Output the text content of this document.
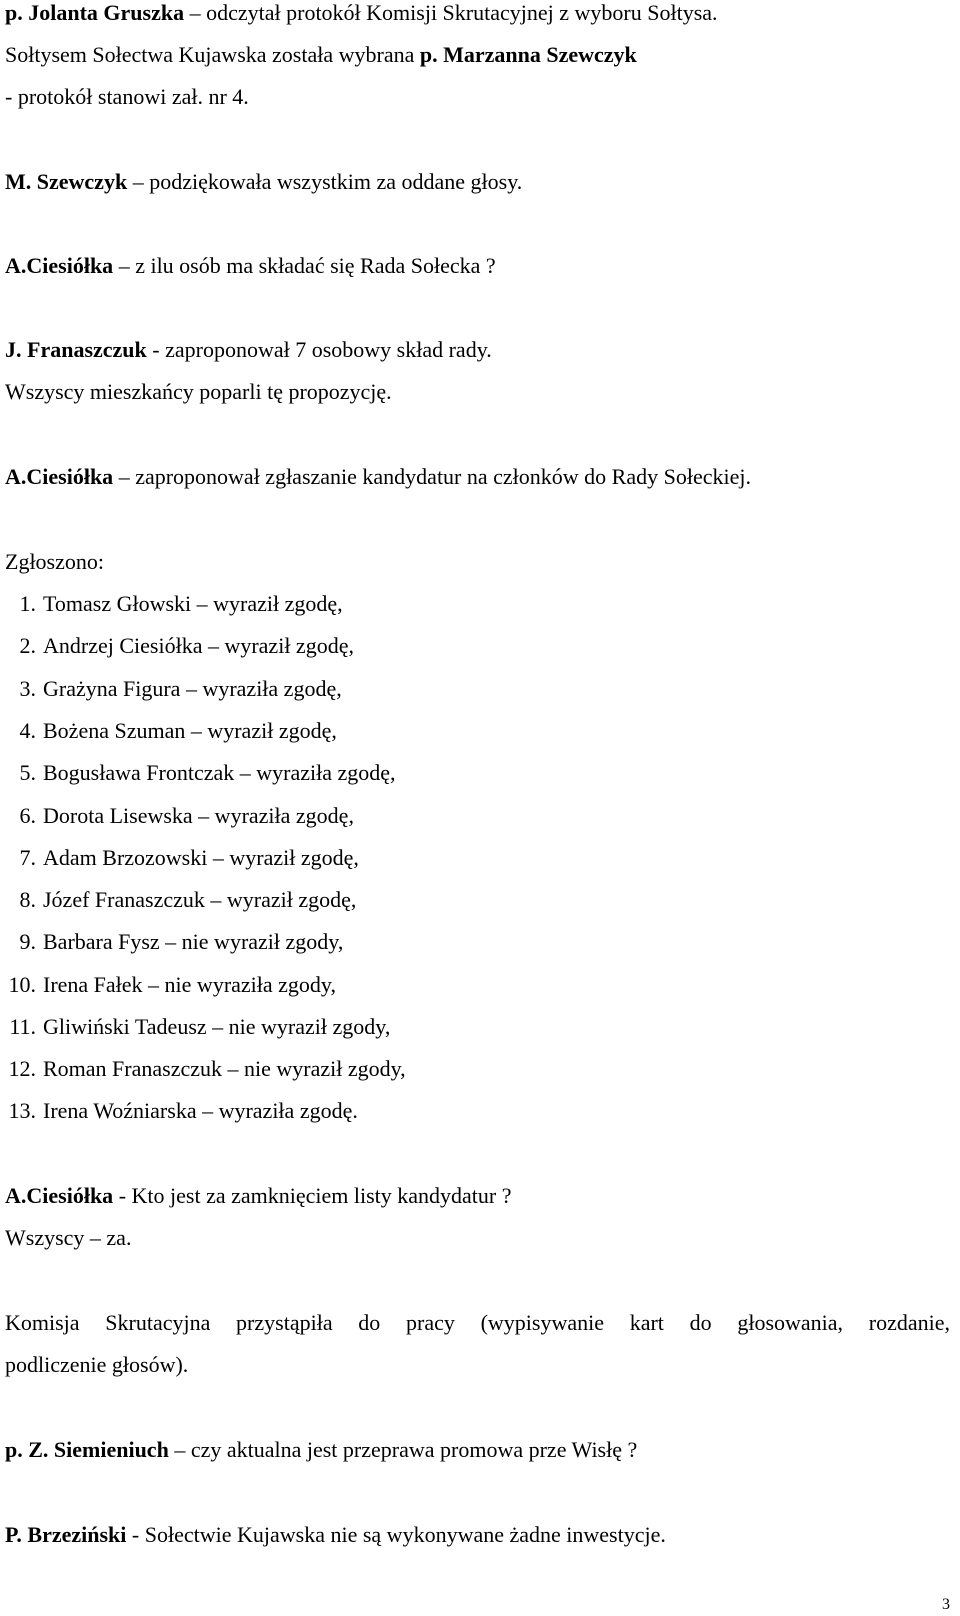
p. Jolanta Gruszka – odczytał protokół Komisji Skrutacyjnej z wyboru Sołtysa.
Sołtysem Sołectwa Kujawska została wybrana p. Marzanna Szewczyk
- protokół stanowi zał. nr 4.
M. Szewczyk – podziękowała wszystkim za oddane głosy.
A.Ciesiółka – z ilu osób ma składać się Rada Sołecka ?
J. Franaszczuk - zaproponował 7 osobowy skład rady.
Wszyscy mieszkańcy poparli tę propozycję.
A.Ciesiółka – zaproponował zgłaszanie kandydatur na członków do Rady Sołeckiej.
Zgłoszono:
1. Tomasz Głowski – wyraził zgodę,
2. Andrzej Ciesiółka – wyraził zgodę,
3. Grażyna Figura – wyraziła zgodę,
4. Bożena Szuman – wyraził zgodę,
5. Bogusława Frontczak – wyraziła zgodę,
6. Dorota Lisewska – wyraziła zgodę,
7. Adam Brzozowski – wyraził zgodę,
8. Józef Franaszczuk – wyraził zgodę,
9. Barbara Fysz – nie wyraził zgody,
10. Irena Fałek – nie wyraziła zgody,
11. Gliwiński Tadeusz – nie wyraził zgody,
12. Roman Franaszczuk – nie wyraził zgody,
13. Irena Woźniarska – wyraziła zgodę.
A.Ciesiółka - Kto jest za zamknięciem listy kandydatur ?
Wszyscy – za.
Komisja Skrutacyjna przystąpiła do pracy (wypisywanie kart do głosowania, rozdanie,
podliczenie głosów).
p. Z. Siemieniuch – czy aktualna jest przeprawa promowa prze Wisłę ?
P. Brzeziński - Sołectwie Kujawska nie są wykonywane żadne inwestycje.
3
